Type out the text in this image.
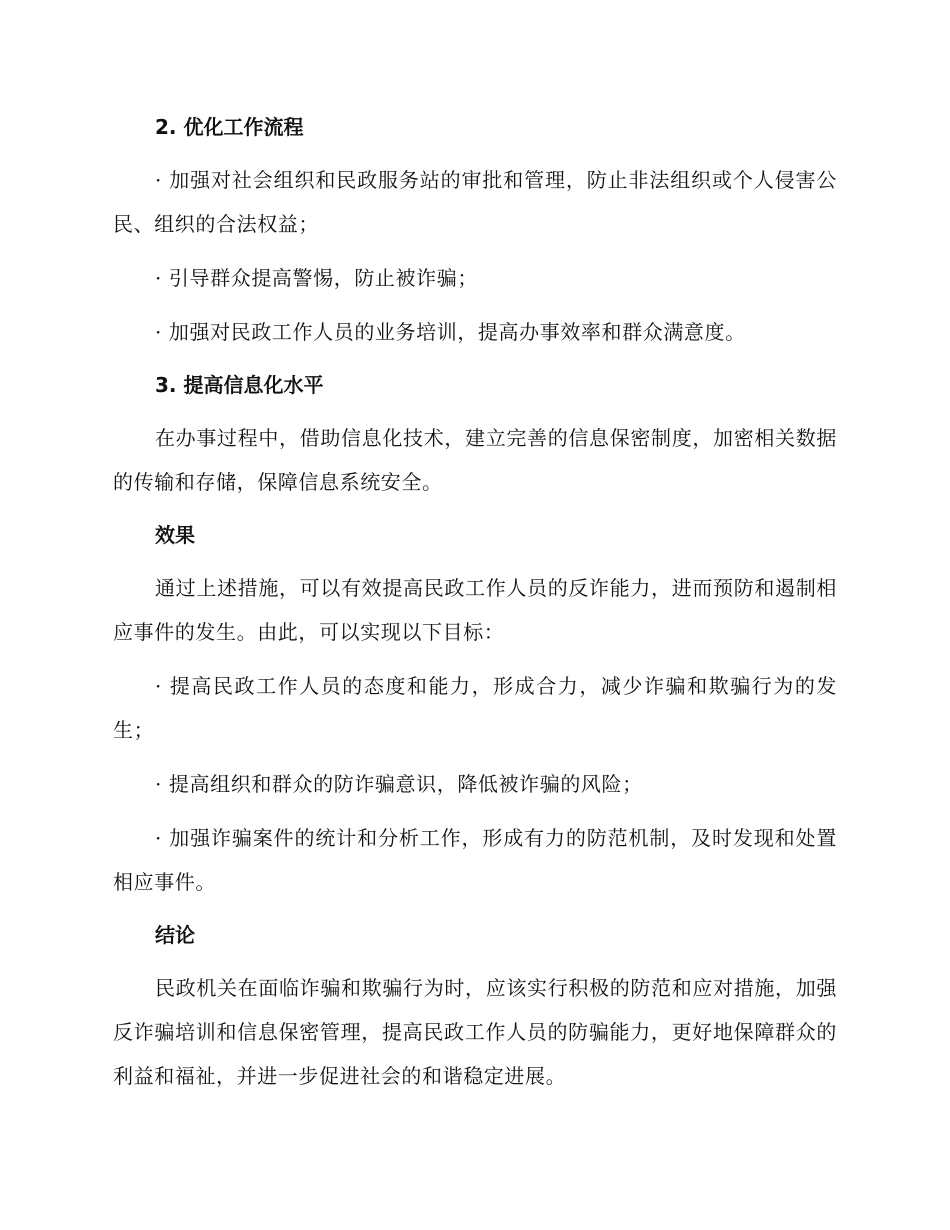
2. 优化工作流程

· 加强对社会组织和民政服务站的审批和管理，防止非法组织或个人侵害公民、组织的合法权益；

· 引导群众提高警惕，防止被诈骗；

· 加强对民政工作人员的业务培训，提高办事效率和群众满意度。

3. 提高信息化水平

在办事过程中，借助信息化技术，建立完善的信息保密制度，加密相关数据的传输和存储，保障信息系统安全。

效果

通过上述措施，可以有效提高民政工作人员的反诈能力，进而预防和遏制相应事件的发生。由此，可以实现以下目标：

· 提高民政工作人员的态度和能力，形成合力，减少诈骗和欺骗行为的发生；

· 提高组织和群众的防诈骗意识，降低被诈骗的风险；

· 加强诈骗案件的统计和分析工作，形成有力的防范机制，及时发现和处置相应事件。

结论

民政机关在面临诈骗和欺骗行为时，应该实行积极的防范和应对措施，加强反诈骗培训和信息保密管理，提高民政工作人员的防骗能力，更好地保障群众的利益和福祉，并进一步促进社会的和谐稳定进展。
